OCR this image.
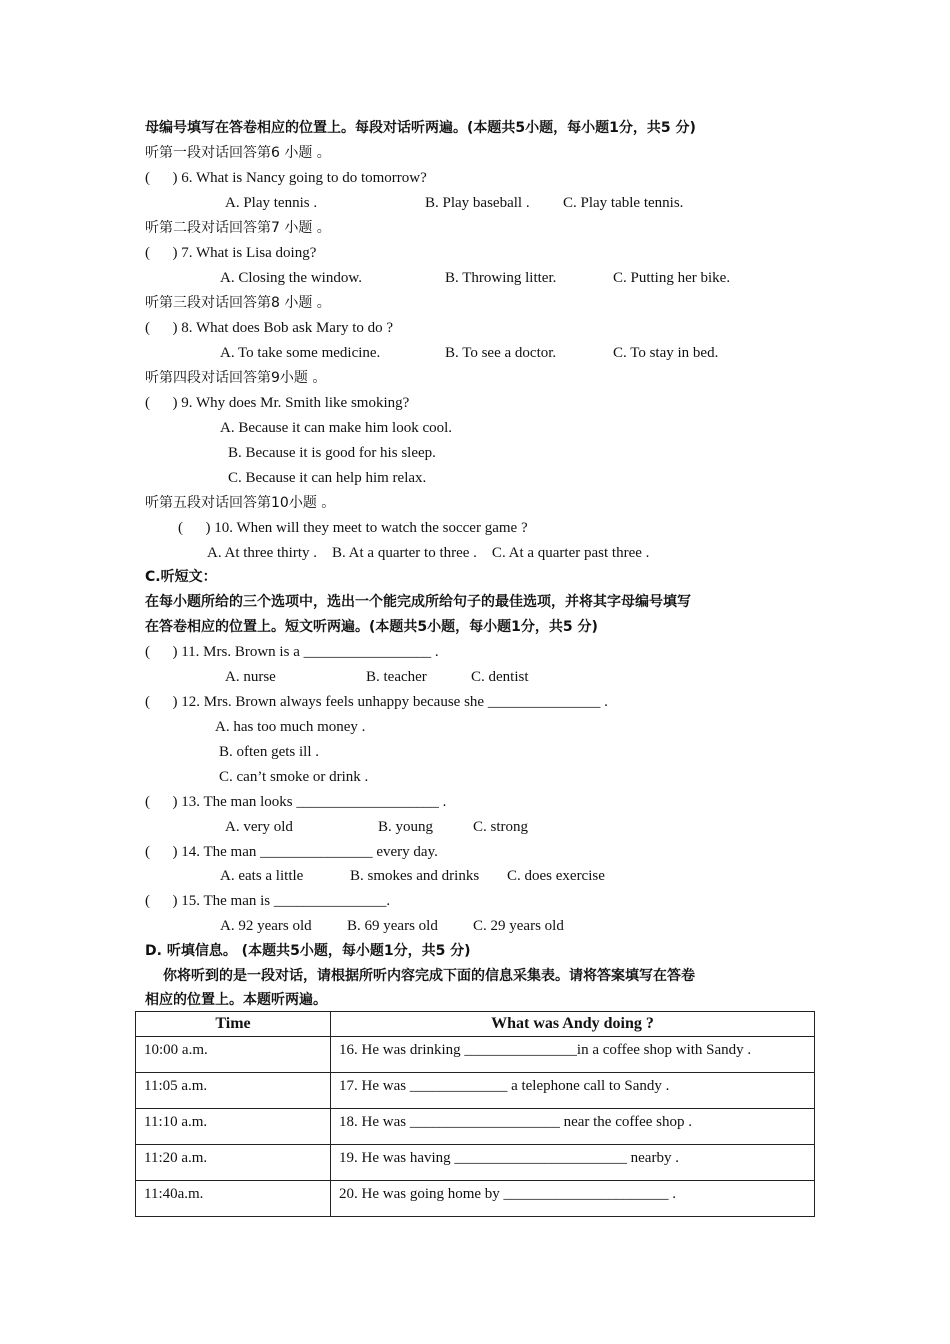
母编号填写在答卷相应的位置上。每段对话听两遍。(本题共5小题，每小题1分，共5 分)
听第一段对话回答第6 小题 。
(      ) 6. What is Nancy going to do tomorrow?
A. Play tennis .	B. Play baseball . C. Play table tennis.
听第二段对话回答第7 小题 。
(      ) 7. What is Lisa doing?
A. Closing the window.	B. Throwing litter.	C. Putting her bike.
听第三段对话回答第8 小题 。
(      ) 8. What does Bob ask Mary to do ?
A. To take some medicine.	B. To see a doctor.	C. To stay in bed.
听第四段对话回答第9小题 。
(      ) 9. Why does Mr. Smith like smoking?
A. Because it can make him look cool.
B. Because it is good for his sleep.
C. Because it can help him relax.
听第五段对话回答第10小题 。
(      ) 10. When will they meet to watch the soccer game ?
A. At three thirty .    B. At a quarter to three .    C. At a quarter past three .
C.听短文：
在每小题所给的三个选项中，选出一个能完成所给句子的最佳选项，并将其字母编号填写
在答卷相应的位置上。短文听两遍。(本题共5小题，每小题1分，共5 分)
(      ) 11. Mrs. Brown is a _________________ .
A. nurse	B. teacher	C. dentist
(      ) 12. Mrs. Brown always feels unhappy because she _______________ .
A. has too much money .
B. often gets ill .
C. can’t smoke or drink .
(      ) 13. The man looks ___________________ .
A. very old	B. young	C. strong
(      ) 14. The man _______________ every day.
A. eats a little	B. smokes and drinks C. does exercise
(      ) 15. The man is _______________.
A. 92 years old B. 69 years old C. 29 years old
D. 听填信息。 (本题共5小题，每小题1分，共5 分)
你将听到的是一段对话，请根据所听内容完成下面的信息采集表。请将答案填写在答卷
相应的位置上。本题听两遍。
Time	What was Andy doing ?
10:00 a.m.	16. He was drinking _______________in a coffee shop with Sandy .
11:05 a.m.	17. He was _____________ a telephone call to Sandy .
11:10 a.m.	18. He was ____________________ near the coffee shop .
11:20 a.m.	19. He was having _______________________ nearby .
11:40a.m.	20. He was going home by ______________________ .
